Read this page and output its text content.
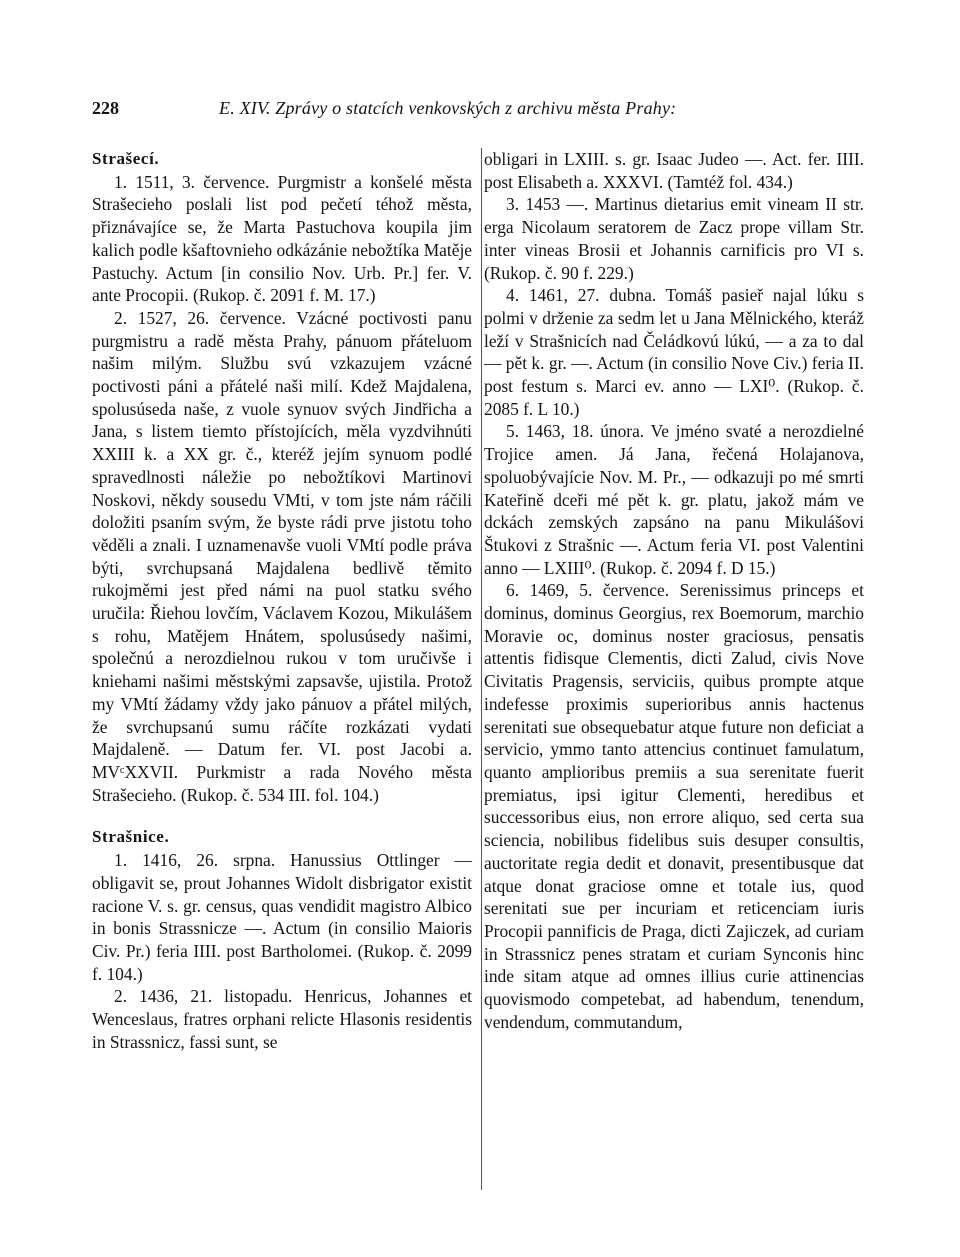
228	E. XIV. Zprávy o statcích venkovských z archivu města Prahy:

Strašecí.

1. 1511, 3. července. Purgmistr a konšelé města Strašecieho poslali list pod pečetí téhož města, přiznávajíce se, že Marta Pastuchova koupila jim kalich podle kšaftovnieho odkázánie nebožtíka Matěje Pastuchy. Actum [in consilio Nov. Urb. Pr.] fer. V. ante Procopii. (Rukop. č. 2091 f. M. 17.)

2. 1527, 26. července. Vzácné poctivosti panu purgmistru a radě města Prahy, pánuom přáteluom našim milým. Službu svú vzkazujem vzácné poctivosti páni a přátelé naši milí. Kdež Majdalena, spolusúseda naše, z vuole synuov svých Jindřicha a Jana, s listem tiemto přístojících, měla vyzdvihnúti XXIII k. a XX gr. č., kteréž jejím synuom podlé spravedlnosti náležie po nebožtíkovi Martinovi Noskovi, někdy sousedu VMti, v tom jste nám ráčili doložiti psaním svým, že byste rádi prve jistotu toho věděli a znali. I uznamenavše vuoli VMtí podle práva býti, svrchupsaná Majdalena bedlivě těmito rukojměmi jest před námi na puol statku svého uručila: Řiehou lovčím, Václavem Kozou, Mikulášem s rohu, Matějem Hnátem, spolusúsedy našimi, společnú a nerozdielnou rukou v tom uručivše i kniehami našimi městskými zapsavše, ujistila. Protož my VMtí žádamy vždy jako pánuov a přátel milých, že svrchupsanú sumu ráčíte rozkázati vydati Majdaleně. — Datum fer. VI. post Jacobi a. MVᶜXXVII. Purkmistr a rada Nového města Strašecieho. (Rukop. č. 534 III. fol. 104.)

Strašnice.

1. 1416, 26. srpna. Hanussius Ottlinger — obligavit se, prout Johannes Widolt disbrigator existit racione V. s. gr. census, quas vendidit magistro Albico in bonis Strassnicze —. Actum (in consilio Maioris Civ. Pr.) feria IIII. post Bartholomei. (Rukop. č. 2099 f. 104.)

2. 1436, 21. listopadu. Henricus, Johannes et Wenceslaus, fratres orphani relicte Hlasonis residentis in Strassnicz, fassi sunt, se

obligari in LXIII. s. gr. Isaac Judeo —. Act. fer. IIII. post Elisabeth a. XXXVI. (Tamtéž fol. 434.)

3. 1453 —. Martinus dietarius emit vineam II str. erga Nicolaum seratorem de Zacz prope villam Str. inter vineas Brosii et Johannis carnificis pro VI s. (Rukop. č. 90 f. 229.)

4. 1461, 27. dubna. Tomáš pasieř najal lúku s polmi v drženie za sedm let u Jana Mělnického, kteráž leží v Strašnicích nad Čeládkovú lúkú, — a za to dal — pět k. gr. —. Actum (in consilio Nove Civ.) feria II. post festum s. Marci ev. anno — LXI⁰. (Rukop. č. 2085 f. L 10.)

5. 1463, 18. února. Ve jméno svaté a nerozdielné Trojice amen. Já Jana, řečená Holajanova, spoluobývajície Nov. M. Pr., — odkazuji po mé smrti Kateřině dceři mé pět k. gr. platu, jakož mám ve dckách zemských zapsáno na panu Mikulášovi Štukovi z Strašnic —. Actum feria VI. post Valentini anno — LXIII⁰. (Rukop. č. 2094 f. D 15.)

6. 1469, 5. července. Serenissimus princeps et dominus, dominus Georgius, rex Boemorum, marchio Moravie oc, dominus noster graciosus, pensatis attentis fidisque Clementis, dicti Zalud, civis Nove Civitatis Pragensis, serviciis, quibus prompte atque indefesse proximis superioribus annis hactenus serenitati sue obsequebatur atque future non deficiat a servicio, ymmo tanto attencius continuet famulatum, quanto amplioribus premiis a sua serenitate fuerit premiatus, ipsi igitur Clementi, heredibus et successoribus eius, non errore aliquo, sed certa sua sciencia, nobilibus fidelibus suis desuper consultis, auctoritate regia dedit et donavit, presentibusque dat atque donat graciose omne et totale ius, quod serenitati sue per incuriam et reticenciam iuris Procopii pannificis de Praga, dicti Zajiczek, ad curiam in Strassnicz penes stratam et curiam Synconis hinc inde sitam atque ad omnes illius curie attinencias quovismodo competebat, ad habendum, tenendum, vendendum, commutandum,
